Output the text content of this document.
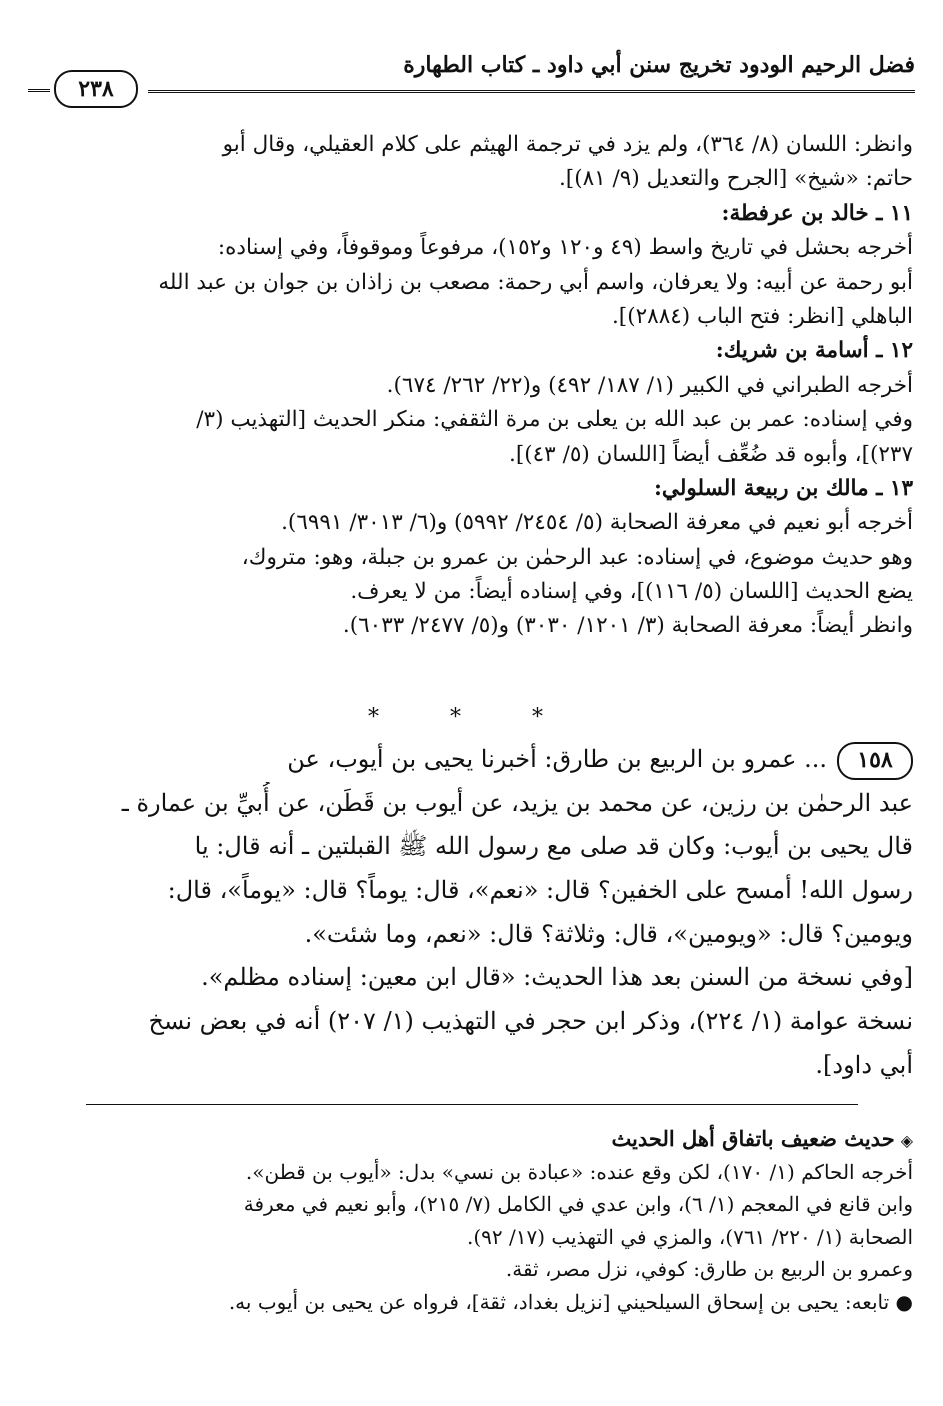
فضل الرحيم الودود تخريج سنن أبي داود ـ كتاب الطهارة
٢٣٨
وانظر: اللسان (٨/ ٣٦٤)، ولم يزد في ترجمة الهيثم على كلام العقيلي، وقال أبو
حاتم: «شيخ» [الجرح والتعديل (٩/ ٨١)].
١١ ـ خالد بن عرفطة:
أخرجه بحشل في تاريخ واسط (٤٩ و١٢٠ و١٥٢)، مرفوعاً وموقوفاً، وفي إسناده:
أبو رحمة عن أبيه: ولا يعرفان، واسم أبي رحمة: مصعب بن زاذان بن جوان بن عبد الله
الباهلي [انظر: فتح الباب (٢٨٨٤)].
١٢ ـ أسامة بن شريك:
أخرجه الطبراني في الكبير (١/ ١٨٧/ ٤٩٢) و(٢٢/ ٢٦٢/ ٦٧٤).
وفي إسناده: عمر بن عبد الله بن يعلى بن مرة الثقفي: منكر الحديث [التهذيب (٣/
٢٣٧)]، وأبوه قد ضُعِّف أيضاً [اللسان (٥/ ٤٣)].
١٣ ـ مالك بن ربيعة السلولي:
أخرجه أبو نعيم في معرفة الصحابة (٥/ ٢٤٥٤/ ٥٩٩٢) و(٦/ ٣٠١٣/ ٦٩٩١).
وهو حديث موضوع، في إسناده: عبد الرحمٰن بن عمرو بن جبلة، وهو: متروك،
يضع الحديث [اللسان (٥/ ١١٦)]، وفي إسناده أيضاً: من لا يعرف.
وانظر أيضاً: معرفة الصحابة (٣/ ١٢٠١/ ٣٠٣٠) و(٥/ ٢٤٧٧/ ٦٠٣٣).
* * *
١٥٨... عمرو بن الربيع بن طارق: أخبرنا يحيى بن أيوب، عن
عبد الرحمٰن بن رزين، عن محمد بن يزيد، عن أيوب بن قَطَن، عن أُبيِّ بن عمارة ـ
قال يحيى بن أيوب: وكان قد صلى مع رسول الله ﷺ القبلتين ـ أنه قال: يا
رسول الله! أمسح على الخفين؟ قال: «نعم»، قال: يوماً؟ قال: «يوماً»، قال:
ويومين؟ قال: «ويومين»، قال: وثلاثة؟ قال: «نعم، وما شئت».
[وفي نسخة من السنن بعد هذا الحديث: «قال ابن معين: إسناده مظلم».
نسخة عوامة (١/ ٢٢٤)، وذكر ابن حجر في التهذيب (١/ ٢٠٧) أنه في بعض نسخ
أبي داود].
◈حديث ضعيف باتفاق أهل الحديث
أخرجه الحاكم (١/ ١٧٠)، لكن وقع عنده: «عبادة بن نسي» بدل: «أيوب بن قطن».
وابن قانع في المعجم (١/ ٦)، وابن عدي في الكامل (٧/ ٢١٥)، وأبو نعيم في معرفة
الصحابة (١/ ٢٢٠/ ٧٦١)، والمزي في التهذيب (١٧/ ٩٢).
وعمرو بن الربيع بن طارق: كوفي، نزل مصر، ثقة.
● تابعه: يحيى بن إسحاق السيلحيني [نزيل بغداد، ثقة]، فرواه عن يحيى بن أيوب به.
